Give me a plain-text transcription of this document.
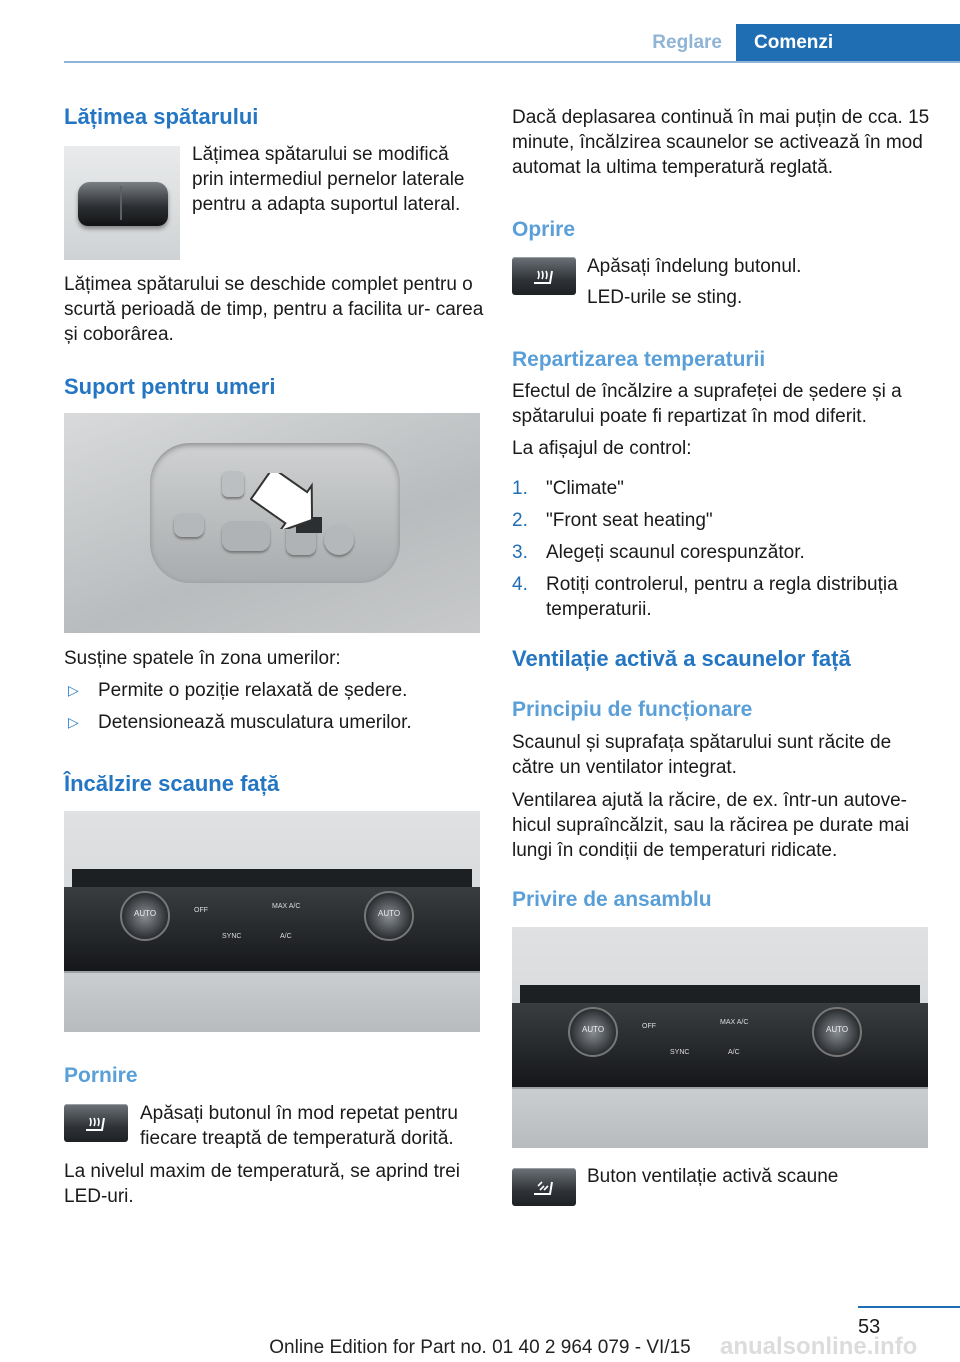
Reglare	Comenzi
Lățimea spătarului

Lățimea spătarului se modifică prin intermediul pernelor laterale pentru a adapta suportul lateral.

Lățimea spătarului se deschide complet pentru o scurtă perioadă de timp, pentru a facilita ur- carea și coborârea.

Suport pentru umeri

Susține spatele în zona umerilor:

▷ Permite o poziție relaxată de ședere.
▷ Detensionează musculatura umerilor.
Încălzire scaune față
AUTO	AUTO
OFF
MAX A/C
SYNC	A/C
Pornire

Apăsați butonul în mod repetat pentru fiecare treaptă de temperatură dorită.

La nivelul maxim de temperatură, se aprind trei LED-uri.

Dacă deplasarea continuă în mai puțin de cca. 15 minute, încălzirea scaunelor se activează în mod automat la ultima temperatură reglată.

Oprire

Apăsați îndelung butonul.

LED-urile se sting.

Repartizarea temperaturii

Efectul de încălzire a suprafeței de ședere și a spătarului poate fi repartizat în mod diferit.

La afișajul de control:

1. "Climate"
2. "Front seat heating"
3. Alegeți scaunul corespunzător.
4. Rotiți controlerul, pentru a regla distribuția temperaturii.
Ventilație activă a scaunelor față
Principiu de funcționare

Scaunul și suprafața spătarului sunt răcite de către un ventilator integrat.

Ventilarea ajută la răcire, de ex. într-un autove- hicul supraîncălzit, sau la răcirea pe durate mai lungi în condiții de temperaturi ridicate.

Privire de ansamblu
AUTO	AUTO
OFF
MAX A/C
SYNC	A/C

Buton ventilație activă scaune

53
anualsonline.info
Online Edition for Part no. 01 40 2 964 079 - VI/15
